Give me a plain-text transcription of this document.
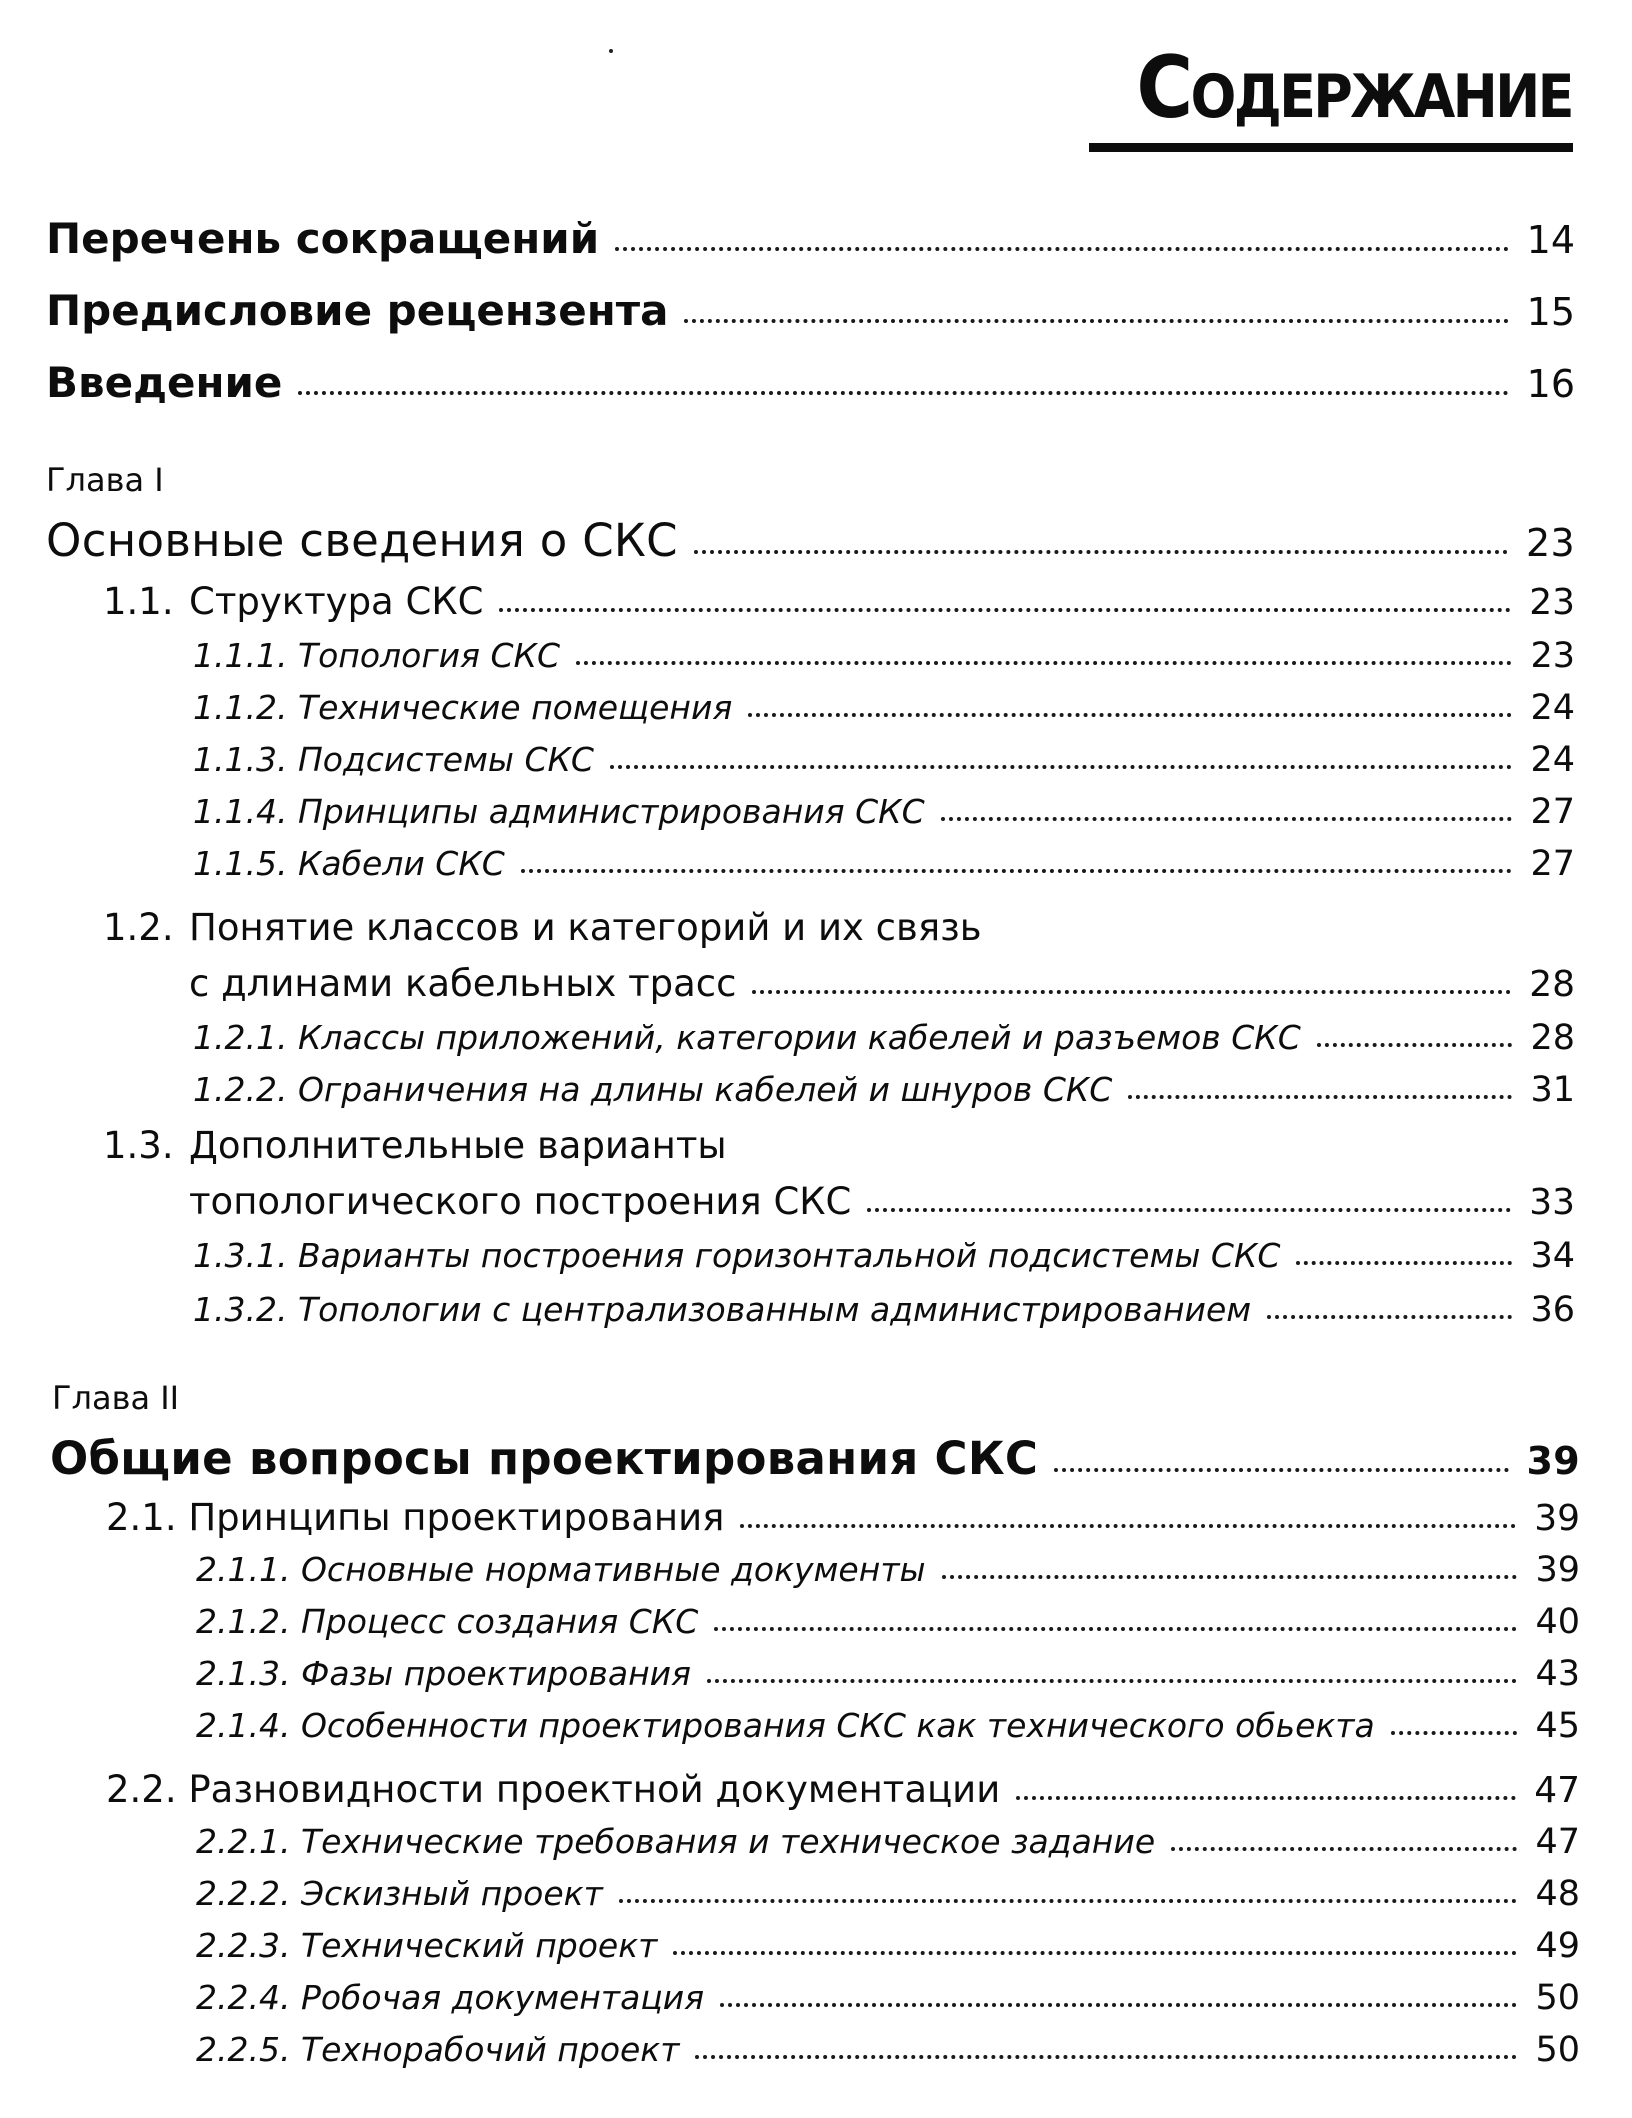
Содержание
Перечень сокращений	14
Предисловие рецензента	15
Введение	16
Глава I
Основные сведения о СКС	23
1.1. Структура СКС	23
1.1.1. Топология СКС	23
1.1.2. Технические помещения	24
1.1.3. Подсистемы СКС	24
1.1.4. Принципы администрирования СКС	27
1.1.5. Кабели СКС	27
1.2. Понятие классов и категорий и их связь
с длинами кабельных трасс	28
1.2.1. Классы приложений, категории кабелей и разъемов СКС	28
1.2.2. Ограничения на длины кабелей и шнуров СКС	31
1.3. Дополнительные варианты
топологического построения СКС	33
1.3.1. Варианты построения горизонтальной подсистемы СКС	34
1.3.2. Топологии с централизованным администрированием	36
Глава II
Общие вопросы проектирования СКС	39
2.1. Принципы проектирования	39
2.1.1. Основные нормативные документы	39
2.1.2. Процесс создания СКС	40
2.1.3. Фазы проектирования	43
2.1.4. Особенности проектирования СКС как технического обьекта	45
2.2. Разновидности проектной документации	47
2.2.1. Технические требования и техническое задание	47
2.2.2. Эскизный проект	48
2.2.3. Технический проект	49
2.2.4. Робочая документация	50
2.2.5. Технорабочий проект	50
